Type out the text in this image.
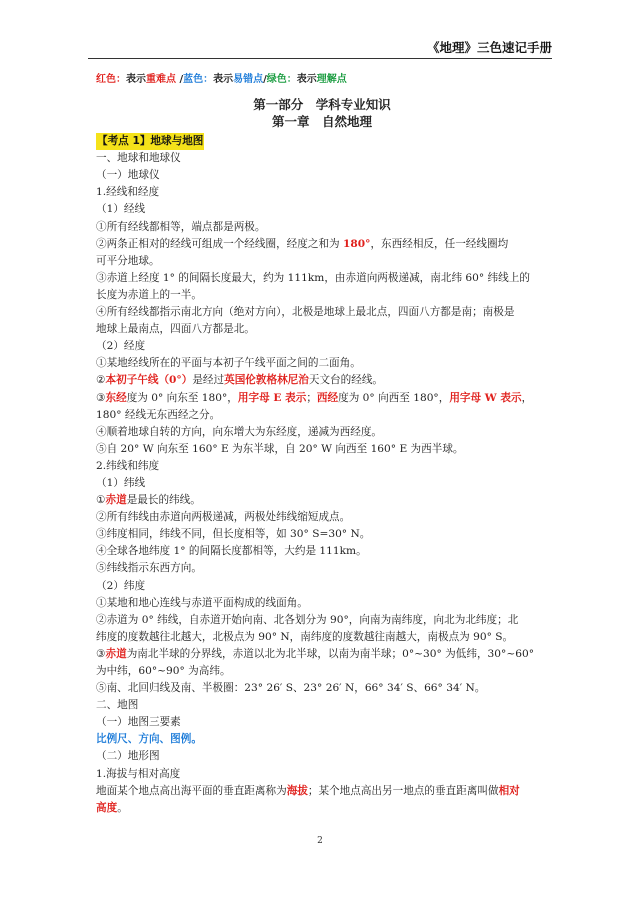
《地理》三色速记手册
红色：表示重难点 /蓝色：表示易错点/绿色：表示理解点
第一部分　学科专业知识
第一章　自然地理
【考点 1】地球与地图
一、地球和地球仪
（一）地球仪
1.经线和经度
（1）经线
①所有经线都相等，端点都是两极。
②两条正相对的经线可组成一个经线圈，经度之和为 180°，东西经相反，任一经线圈均
可平分地球。
③赤道上经度 1° 的间隔长度最大，约为 111km，由赤道向两极递减，南北纬 60° 纬线上的
长度为赤道上的一半。
④所有经线都指示南北方向（绝对方向），北极是地球上最北点，四面八方都是南；南极是
地球上最南点，四面八方都是北。
（2）经度
①某地经线所在的平面与本初子午线平面之间的二面角。
②本初子午线（0°）是经过英国伦敦格林尼治天文台的经线。
③东经度为 0° 向东至 180°，用字母 E 表示；西经度为 0° 向西至 180°，用字母 W 表示，
180° 经线无东西经之分。
④顺着地球自转的方向，向东增大为东经度，递减为西经度。
⑤自 20° W 向东至 160° E 为东半球，自 20° W 向西至 160° E 为西半球。
2.纬线和纬度
（1）纬线
①赤道是最长的纬线。
②所有纬线由赤道向两极递减，两极处纬线缩短成点。
③纬度相同，纬线不同，但长度相等，如 30° S=30° N。
④全球各地纬度 1° 的间隔长度都相等，大约是 111km。
⑤纬线指示东西方向。
（2）纬度
①某地和地心连线与赤道平面构成的线面角。
②赤道为 0° 纬线，自赤道开始向南、北各划分为 90°，向南为南纬度，向北为北纬度；北
纬度的度数越往北越大，北极点为 90° N，南纬度的度数越往南越大，南极点为 90° S。
③赤道为南北半球的分界线，赤道以北为北半球，以南为南半球；0°~30° 为低纬，30°~60°
为中纬，60°~90° 为高纬。
⑤南、北回归线及南、半极圈：23° 26′ S、23° 26′ N，66° 34′ S、66° 34′ N。
二、地图
（一）地图三要素
比例尺、方向、图例。
（二）地形图
1.海拔与相对高度
地面某个地点高出海平面的垂直距离称为海拔；某个地点高出另一地点的垂直距离叫做相对
高度。
2
